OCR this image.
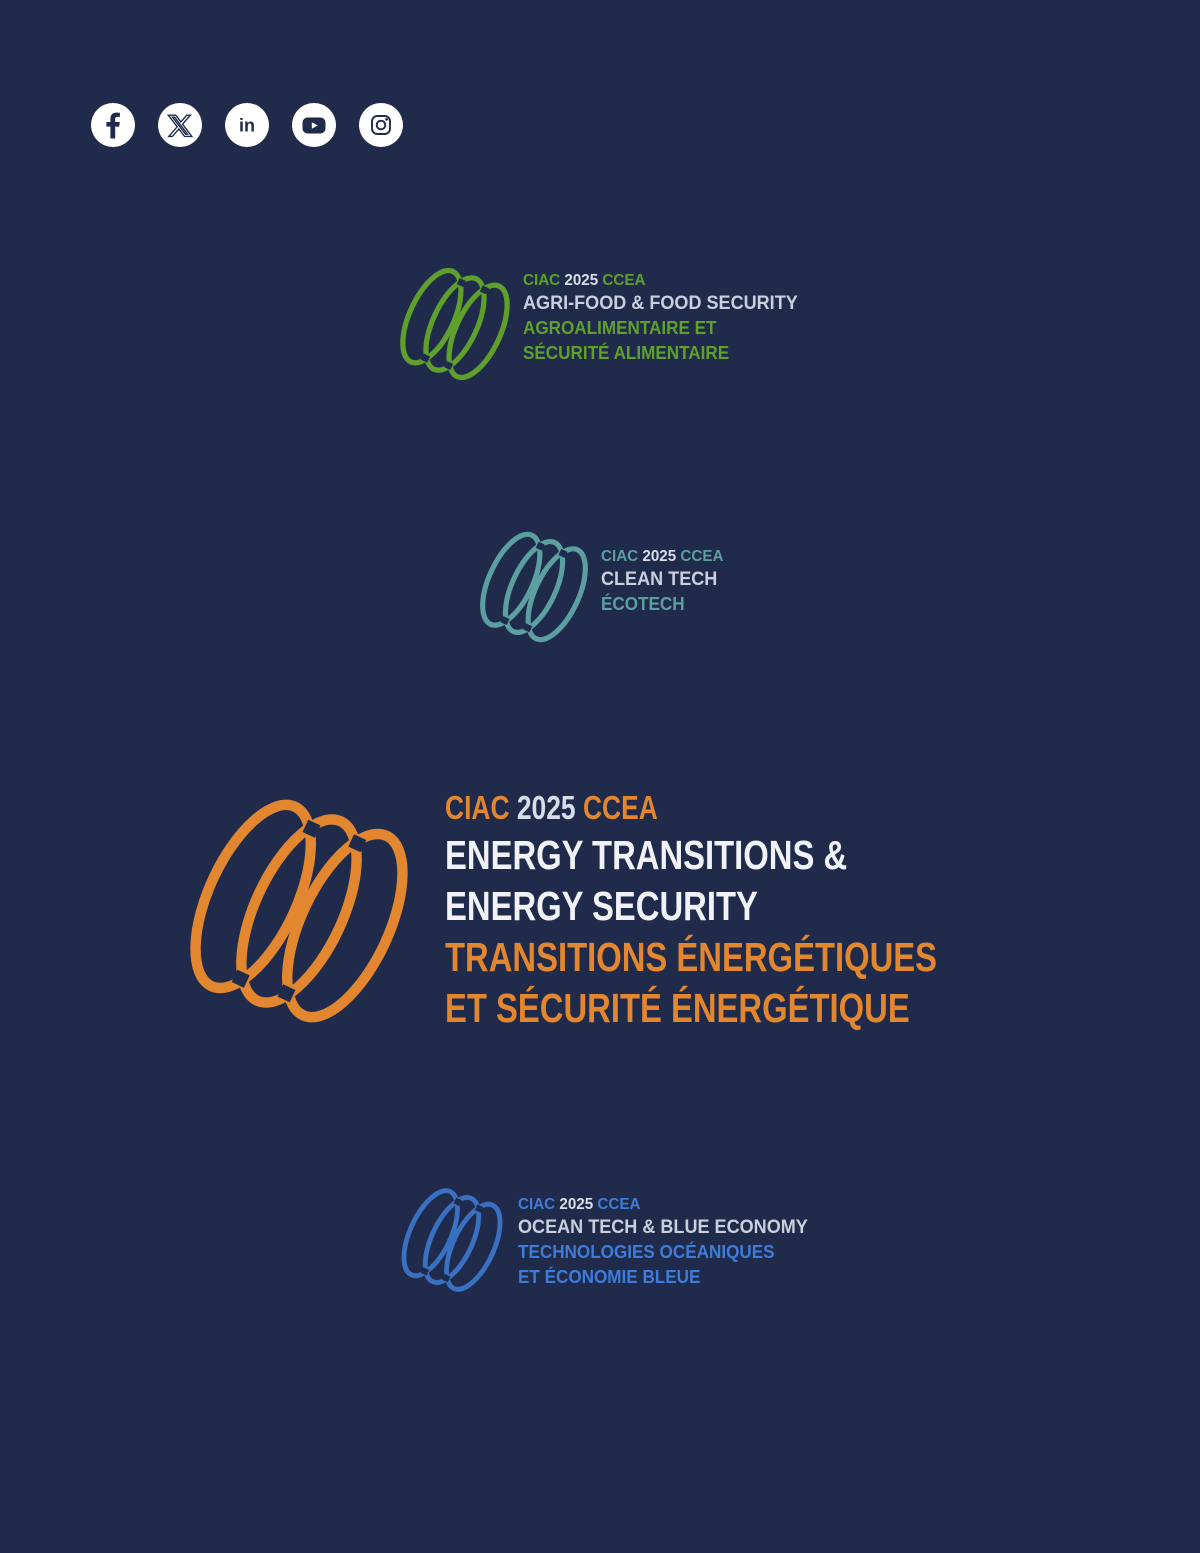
in
CIAC 2025 CCEA
AGRI-FOOD & FOOD SECURITY
AGROALIMENTAIRE ET
SÉCURITÉ ALIMENTAIRE
CIAC 2025 CCEA
CLEAN TECH
ÉCOTECH
CIAC 2025 CCEA
ENERGY TRANSITIONS &
ENERGY SECURITY
TRANSITIONS ÉNERGÉTIQUES
ET SÉCURITÉ ÉNERGÉTIQUE
CIAC 2025 CCEA
OCEAN TECH & BLUE ECONOMY
TECHNOLOGIES OCÉANIQUES
ET ÉCONOMIE BLEUE
